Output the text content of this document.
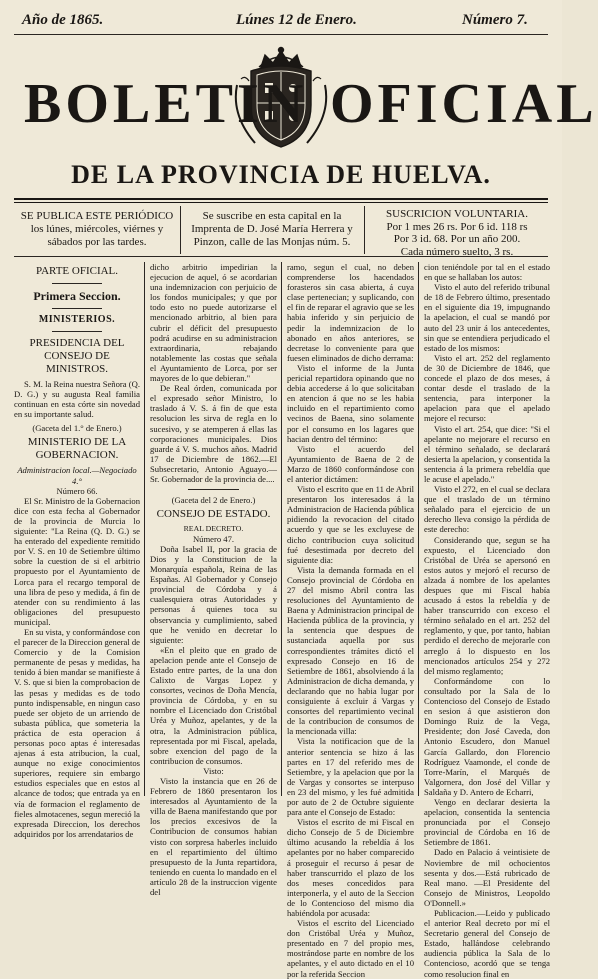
Año de 1865.	Lúnes 12 de Enero.	Número 7.
BOLETIN OFICIAL
DE LA PROVINCIA DE HUELVA.
SE PUBLICA ESTE PERIÓDICO los lúnes, miércoles, viérnes y sábados por las tardes.
Se suscribe en esta capital en la Imprenta de D. José María Herrera y Pinzon, calle de las Monjas núm. 5.
SUSCRICION VOLUNTARIA.
Por 1 mes 26 rs. Por 6 id. 118 rs
Por 3 id. 68. Por un año 200.
Cada número suelto, 3 rs.

PARTE OFICIAL.

Primera Seccion.

MINISTERIOS.

PRESIDENCIA DEL CONSEJO DE MINISTROS.

S. M. la Reina nuestra Señora (Q. D. G.) y su augusta Real familia continuan en esta córte sin novedad en su importante salud.

(Gaceta del 1.° de Enero.)

MINISTERIO DE LA GOBERNACION.

Administracion local.—Negociado 4.°

Número 66.

El Sr. Ministro de la Gobernacion dice con esta fecha al Gobernador de la provincia de Murcia lo siguiente: "La Reina (Q. D. G.) se ha enterado del expediente remitido por V. S. en 10 de Setiembre último sobre la cuestion de si el arbitrio propuesto por el Ayuntamiento de Lorca para el recargo temporal de una libra de peso y medida, á fin de atender con su rendimiento á las obligaciones del presupuesto municipal.

En su vista, y conformándose con el parecer de la Direccion general de Comercio y de la Comision permanente de pesas y medidas, ha tenido á bien mandar se manifieste á V. S. que si bien la comprobacion de las pesas y medidas es de todo punto indispensable, en ningun caso puede ser objeto de un arriendo de subasta pública, que someteria la práctica de esta operacion á personas poco aptas é interesadas ajenas á esta atribucion, la cual, aunque no exige conocimientos superiores, requiere sin embargo estudios especiales que en estos al alcance de todos; que entrada ya en vía de formacion el reglamento de fieles almotacenes, segun mereció la expresada Direccion, los derechos adquiridos por los arrendatarios de

dicho arbitrio impedirian la ejecucion de aquel, ó se acordarian una indemnizacion con perjuicio de los fondos municipales; y que por todo esto no puede autorizarse el mencionado arbitrio, al bien para cubrir el déficit del presupuesto podrá acudirse en su administracion extraordinaria, rebajando notablemente las costas que señala el Ayuntamiento de Lorca, por ser mayores de lo que debieran."

De Real órden, comunicada por el expresado señor Ministro, lo traslado á V. S. á fin de que esta resolucion les sirva de regla en lo sucesivo, y se atemperen á ellas las corporaciones municipales. Dios guarde á V. S. muchos años. Madrid 17 de Diciembre de 1862.—El Subsecretario, Antonio Aguayo.—Sr. Gobernador de la provincia de....

(Gaceta del 2 de Enero.)

CONSEJO DE ESTADO.

REAL DECRETO.

Número 47.

Doña Isabel II, por la gracia de Dios y la Constitucion de la Monarquía española, Reina de las Españas. Al Gobernador y Consejo provincial de Córdoba y á cualesquiera otras Autoridades y personas á quienes toca su observancia y cumplimiento, sabed que he venido en decretar lo siguiente:

«En el pleito que en grado de apelacion pende ante el Consejo de Estado entre partes, de la una don Calixto de Vargas Lopez y consortes, vecinos de Doña Mencía, provincia de Córdoba, y en su nombre el Licenciado don Cristóbal Uréa y Muñoz, apelantes, y de la otra, la Administracion pública, representada por mi Fiscal, apelada, sobre exencion del pago de la contribucion de consumos.

Visto:

Visto la instancia que en 26 de Febrero de 1860 presentaron los interesados al Ayuntamiento de la villa de Baena manifestando que por los precios excesivos de la Contribucion de consumos habian visto con sorpresa haberles incluido en el repartimiento del último presupuesto de la Junta repartidora, teniendo en cuenta lo mandado en el artículo 28 de la instruccion vigente del

ramo, segun el cual, no deben comprenderse los hacendados forasteros sin casa abierta, á cuya clase pertenecian; y suplicando, con el fin de reparar el agravio que se les habia inferido y sin perjuicio de pedir la indemnizacion de lo abonado en años anteriores, se decretase lo conveniente para que fuesen eliminados de dicho derrama:

Visto el informe de la Junta pericial repartidora opinando que no debia accederse á lo que solicitaban en atencion á que no se les habia incluido en el repartimiento como vecinos de Baena, sino solamente por el consumo en los lagares que hacian dentro del término:

Visto el acuerdo del Ayuntamiento de Baena de 2 de Marzo de 1860 conformándose con el anterior dictámen:

Visto el escrito que en 11 de Abril presentaron los interesados á la Administracion de Hacienda pública pidiendo la revocacion del citado acuerdo y que se les excluyese de dicho contribucion cuya solicitud fué desestimada por decreto del siguiente dia:

Vista la demanda formada en el Consejo provincial de Córdoba en 27 del mismo Abril contra las resoluciones del Ayuntamiento de Baena y Administracion principal de Hacienda pública de la provincia, y la sentencia que despues de sustanciada aquella por sus correspondientes trámites dictó el expresado Consejo en 16 de Setiembre de 1861, absolviendo á la Administracion de dicha demanda, y declarando que no habia lugar por consiguiente á excluir á Vargas y consortes del repartimiento vecinal de la contribucion de consumos de la mencionada villa:

Vista la notificacion que de la anterior sentencia se hizo á las partes en 17 del referido mes de Setiembre, y la apelacion que por la de Vargas y consortes se interpuso en 23 del mismo, y les fué admitida por auto de 2 de Octubre siguiente para ante el Consejo de Estado:

Vistos el escrito de mi Fiscal en dicho Consejo de 5 de Diciembre último acusando la rebeldía á los apelantes por no haber comparecido á proseguir el recurso á pesar de haber transcurrido el plazo de los dos meses concedidos para interponerla, y el auto de la Seccion de lo Contencioso del mismo dia habiéndola por acusada:

Vistos el escrito del Licenciado don Cristóbal Uréa y Muñoz, presentado en 7 del propio mes, mostrándose parte en nombre de los apelantes, y el auto dictado en el 10 por la referida Seccion

cion teniéndole por tal en el estado en que se hallaban los autos:

Visto el auto del referido tribunal de 18 de Febrero último, presentado en el siguiente dia 19, impugnando la apelacion, el cual se mandó por auto del 23 unir á los antecedentes, sin que se entendiera perjudicado el estado de los mismos:

Visto el art. 252 del reglamento de 30 de Diciembre de 1846, que concede el plazo de dos meses, á contar desde el traslado de la sentencia, para interponer la apelacion para que el apelado mejore el recurso:

Visto el art. 254, que dice: "Si el apelante no mejorare el recurso en el término señalado, se declarará desierta la apelacion, y consentida la sentencia á la primera rebeldía que le acuse el apelado."

Visto el 272, en el cual se declara que el traslado de un término señalado para el ejercicio de un derecho lleva consigo la pérdida de este derecho:

Considerando que, segun se ha expuesto, el Licenciado don Cristóbal de Uréa se apersonó en estos autos y mejoró el recurso de alzada á nombre de los apelantes despues que mi Fiscal había acusado á estos la rebeldía y de haber transcurrido con exceso el término señalado en el art. 252 del reglamento, y que, por tanto, habian perdido el derecho de mejorarle con arreglo á lo dispuesto en los mencionados artículos 254 y 272 del mismo reglamento;

Conformándome con lo consultado por la Sala de lo Contencioso del Consejo de Estado en sesion á que asistieron don Domingo Ruiz de la Vega, Presidente; don José Caveda, don Antonio Escudero, don Manuel García Gallardo, don Florencio Rodríguez Vaamonde, el conde de Torre-Marín, el Marqués de Valgornera, don José del Villar y Saldaña y D. Antero de Echarri,

Vengo en declarar desierta la apelacion, consentida la sentencia pronunciada por el Consejo provincial de Córdoba en 16 de Setiembre de 1861.

Dado en Palacio á veintisiete de Noviembre de mil ochocientos sesenta y dos.—Está rubricado de Real mano. —El Presidente del Consejo de Ministros, Leopoldo O'Donnell.»

Publicacion.—Leido y publicado el anterior Real decreto por mí el Secretario general del Consejo de Estado, hallándose celebrando audiencia pública la Sala de lo Contencioso, acordó que se tenga como resolucion final en
